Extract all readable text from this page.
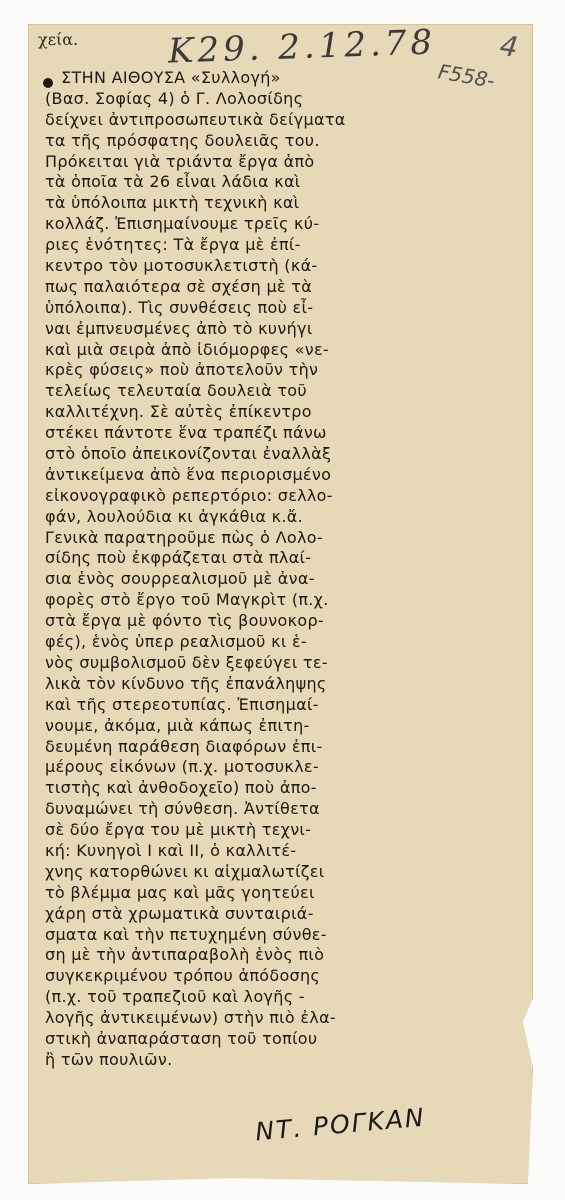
χεία.	Κ29. 2.12.78
F558-
4
ΣΤΗΝ ΑΙΘΟΥΣΑ «Συλλογή»
(Βασ. Σοφίας 4) ὁ Γ. Λολοσίδης
δείχνει ἀντιπροσωπευτικὰ δείγματα
τα τῆς πρόσφατης δουλειᾶς του.
Πρόκειται γιὰ τριάντα ἔργα ἀπὸ
τὰ ὁποῖα τὰ 26 εἶναι λάδια καὶ
τὰ ὑπόλοιπα μικτὴ τεχνικὴ καὶ
κολλάζ. Ἐπισημαίνουμε τρεῖς κύ-
ριες ἑνότητες: Τὰ ἔργα μὲ ἐπί-
κεντρο τὸν μοτοσυκλετιστὴ (κά-
πως παλαιότερα σὲ σχέση μὲ τὰ
ὑπόλοιπα). Τὶς συνθέσεις ποὺ εἶ-
ναι ἐμπνευσμένες ἀπὸ τὸ κυνήγι
καὶ μιὰ σειρὰ ἀπὸ ἰδιόμορφες «νε-
κρὲς φύσεις» ποὺ ἀποτελοῦν τὴν
τελείως τελευταία δουλειὰ τοῦ
καλλιτέχνη. Σὲ αὐτὲς ἐπίκεντρο
στέκει πάντοτε ἕνα τραπέζι πάνω
στὸ ὁποῖο ἀπεικονίζονται ἐναλλὰξ
ἀντικείμενα ἀπὸ ἕνα περιορισμένο
εἰκονογραφικὸ ρεπερτόριο: σελλο-
φάν, λουλούδια κι ἀγκάθια κ.ἄ.
Γενικὰ παρατηροῦμε πὼς ὁ Λολο-
σίδης ποὺ ἐκφράζεται στὰ πλαί-
σια ἑνὸς σουρρεαλισμοῦ μὲ ἀνα-
φορὲς στὸ ἔργο τοῦ Μαγκρὶτ (π.χ.
στὰ ἔργα μὲ φόντο τὶς βουνοκορ-
φές), ἑνὸς ὑπερ ρεαλισμοῦ κι ἑ-
νὸς συμβολισμοῦ δὲν ξεφεύγει τε-
λικὰ τὸν κίνδυνο τῆς ἐπανάληψης
καὶ τῆς στερεοτυπίας. Ἐπισημαί-
νουμε, ἀκόμα, μιὰ κάπως ἐπιτη-
δευμένη παράθεση διαφόρων ἐπι-
μέρους εἰκόνων (π.χ. μοτοσυκλε-
τιστὴς καὶ ἀνθοδοχεῖο) ποὺ ἀπο-
δυναμώνει τὴ σύνθεση. Ἀντίθετα
σὲ δύο ἔργα του μὲ μικτὴ τεχνι-
κή: Κυνηγοὶ Ι καὶ ΙΙ, ὁ καλλιτέ-
χνης κατορθώνει κι αἰχμαλωτίζει
τὸ βλέμμα μας καὶ μᾶς γοητεύει
χάρη στὰ χρωματικὰ συνταιριά-
σματα καὶ τὴν πετυχημένη σύνθε-
ση μὲ τὴν ἀντιπαραβολὴ ἑνὸς πιὸ
συγκεκριμένου τρόπου ἀπόδοσης
(π.χ. τοῦ τραπεζιοῦ καὶ λογῆς -
λογῆς ἀντικειμένων) στὴν πιὸ ἐλα-
στικὴ ἀναπαράσταση τοῦ τοπίου
ἢ τῶν πουλιῶν.
ΝΤ. ΡΟΓΚΑΝ
